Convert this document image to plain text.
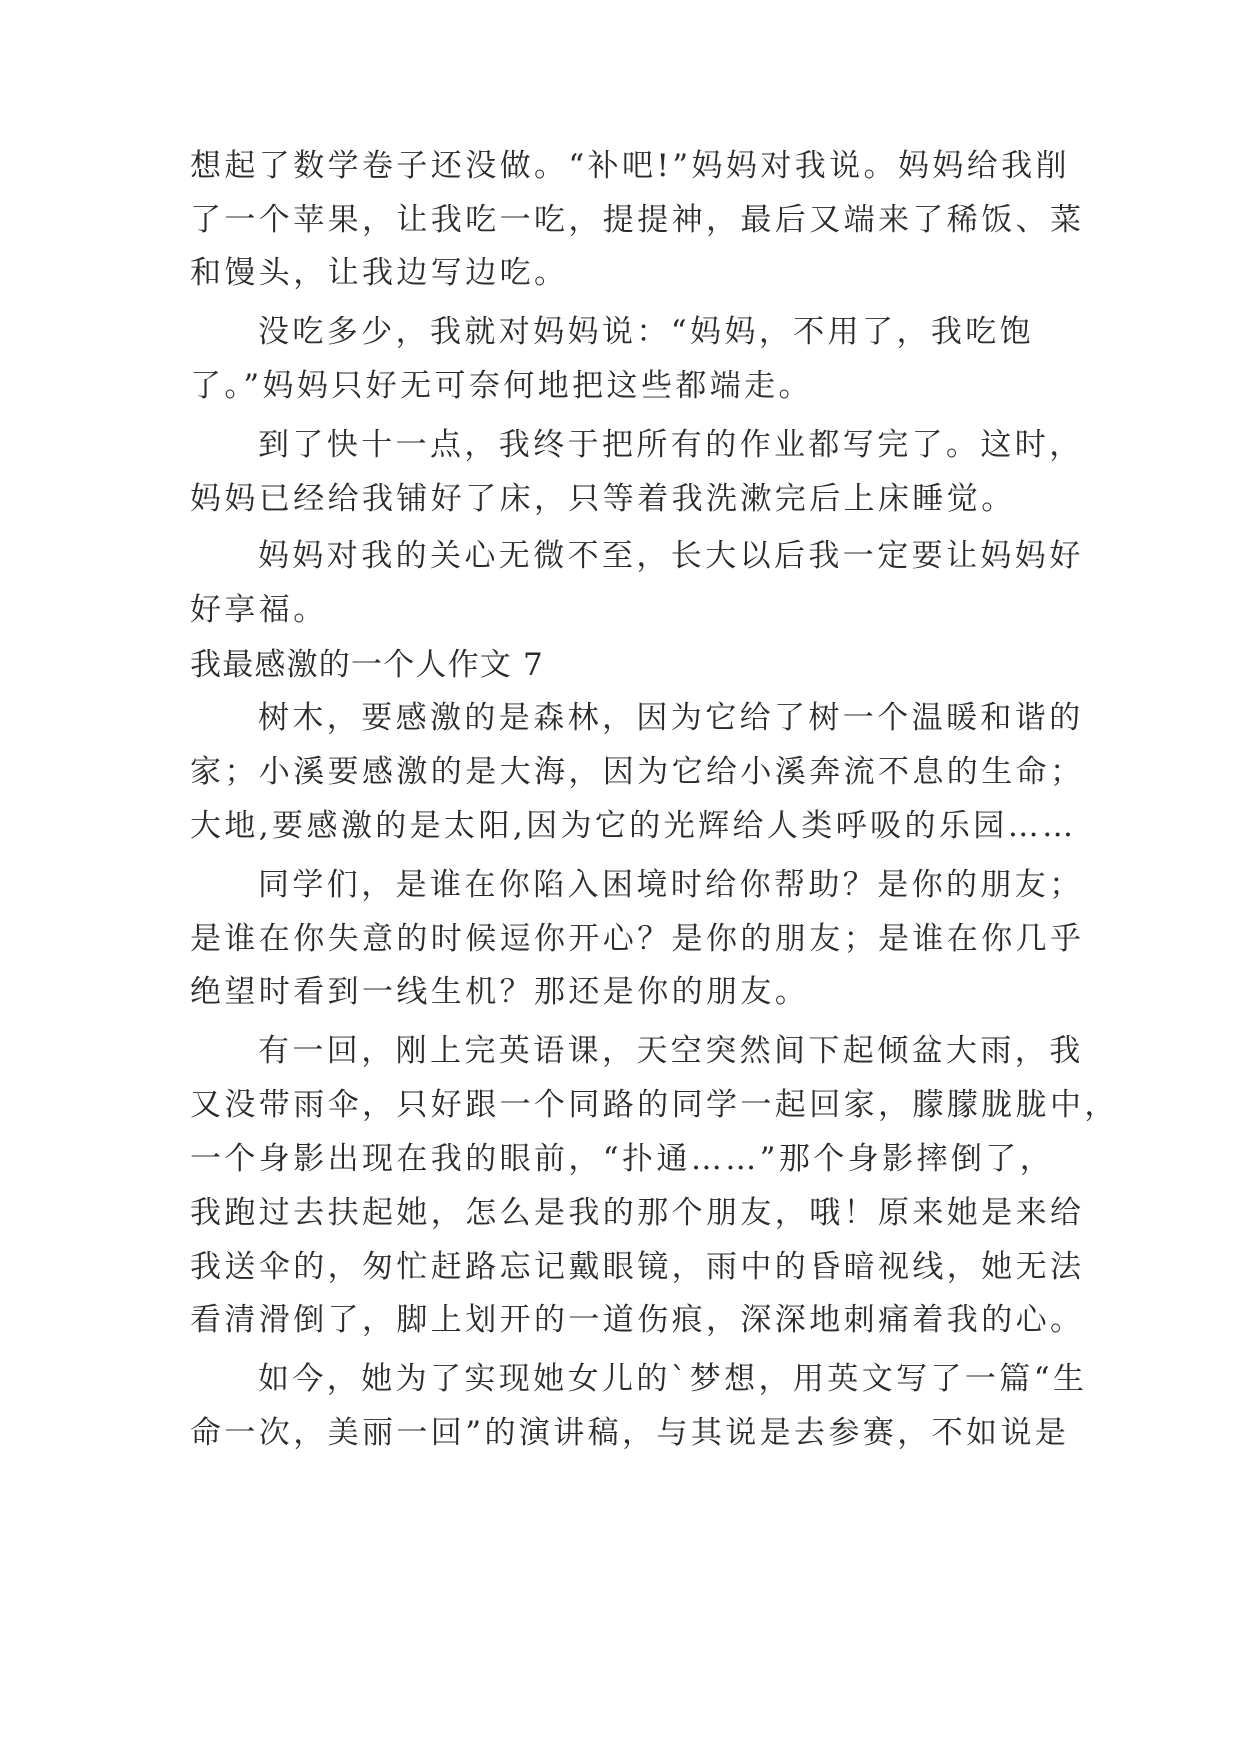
想起了数学卷子还没做。“补吧!”妈妈对我说。妈妈给我削
了一个苹果，让我吃一吃，提提神，最后又端来了稀饭、菜
和馒头，让我边写边吃。
没吃多少，我就对妈妈说：“妈妈，不用了，我吃饱
了。”妈妈只好无可奈何地把这些都端走。
到了快十一点，我终于把所有的作业都写完了。这时，
妈妈已经给我铺好了床，只等着我洗漱完后上床睡觉。
妈妈对我的关心无微不至，长大以后我一定要让妈妈好
好享福。
我最感激的一个人作文 7
树木，要感激的是森林，因为它给了树一个温暖和谐的
家；小溪要感激的是大海，因为它给小溪奔流不息的生命；
大地,要感激的是太阳,因为它的光辉给人类呼吸的乐园……
同学们，是谁在你陷入困境时给你帮助？是你的朋友；
是谁在你失意的时候逗你开心？是你的朋友；是谁在你几乎
绝望时看到一线生机？那还是你的朋友。
有一回，刚上完英语课，天空突然间下起倾盆大雨，我
又没带雨伞，只好跟一个同路的同学一起回家，朦朦胧胧中，
一个身影出现在我的眼前，“扑通……”那个身影摔倒了，
我跑过去扶起她，怎么是我的那个朋友，哦！原来她是来给
我送伞的，匆忙赶路忘记戴眼镜，雨中的昏暗视线，她无法
看清滑倒了，脚上划开的一道伤痕，深深地刺痛着我的心。
如今，她为了实现她女儿的`梦想，用英文写了一篇“生
命一次，美丽一回”的演讲稿，与其说是去参赛，不如说是
